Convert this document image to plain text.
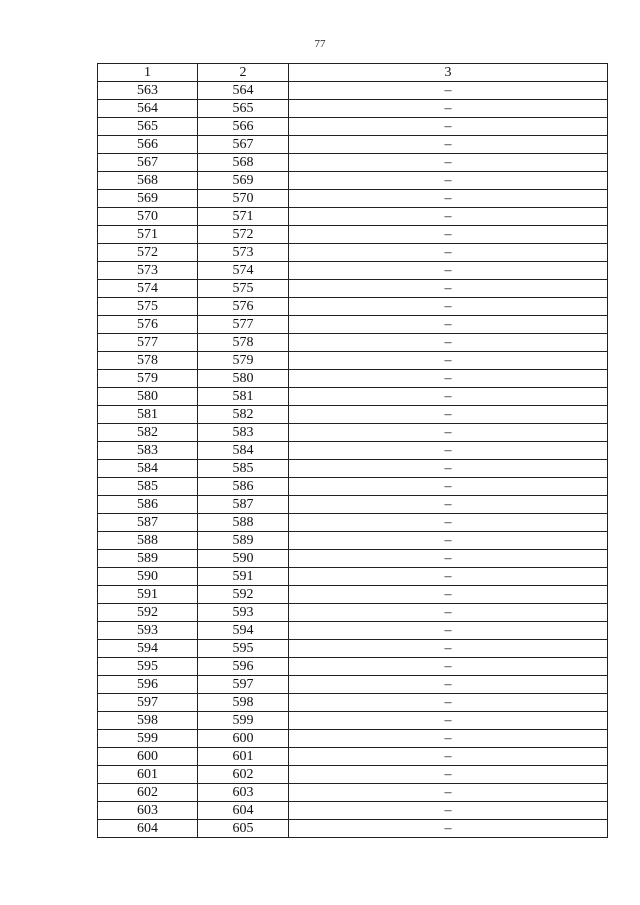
77
1	2	3
563	564	–
564	565	–
565	566	–
566	567	–
567	568	–
568	569	–
569	570	–
570	571	–
571	572	–
572	573	–
573	574	–
574	575	–
575	576	–
576	577	–
577	578	–
578	579	–
579	580	–
580	581	–
581	582	–
582	583	–
583	584	–
584	585	–
585	586	–
586	587	–
587	588	–
588	589	–
589	590	–
590	591	–
591	592	–
592	593	–
593	594	–
594	595	–
595	596	–
596	597	–
597	598	–
598	599	–
599	600	–
600	601	–
601	602	–
602	603	–
603	604	–
604	605	–
